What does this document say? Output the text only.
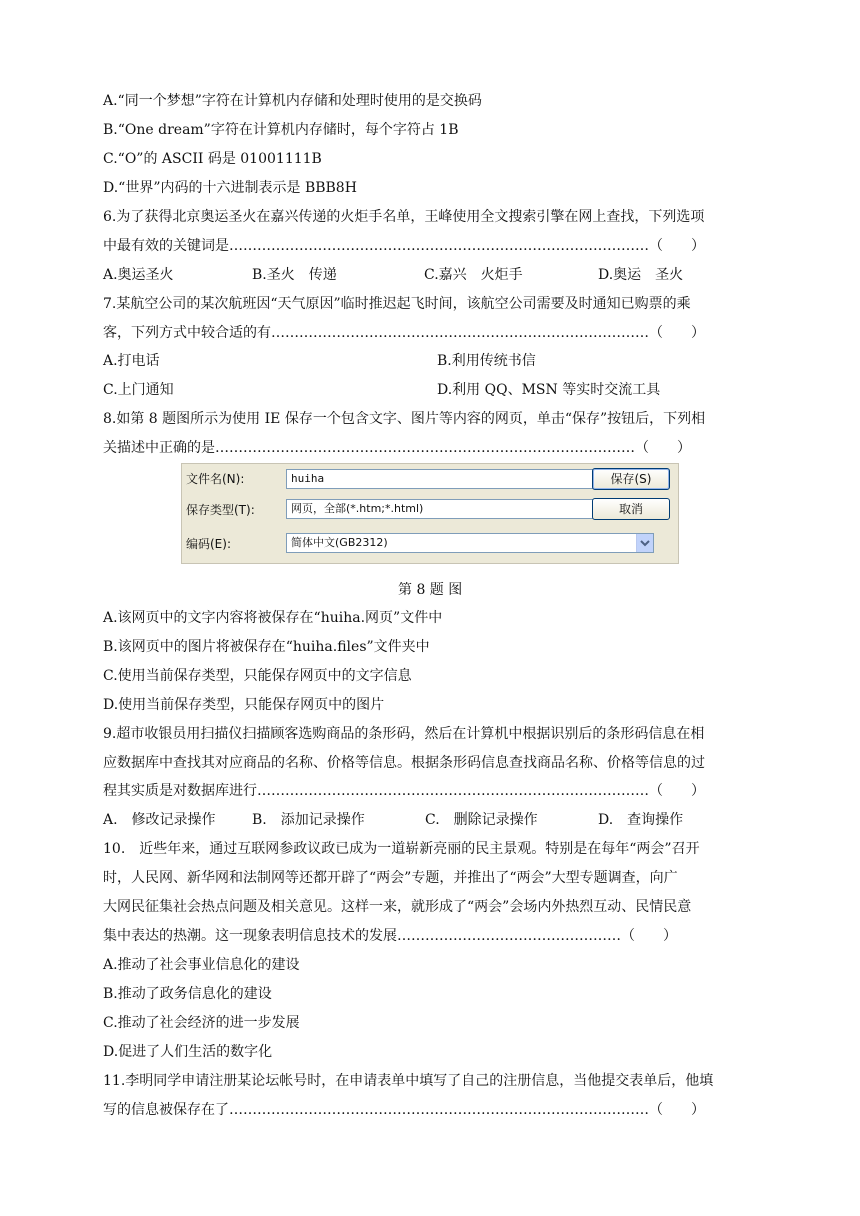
A.“同一个梦想”字符在计算机内存储和处理时使用的是交换码
B.“One dream”字符在计算机内存储时，每个字符占 1B
C.“O”的 ASCII 码是 01001111B
D.“世界”内码的十六进制表示是 BBB8H
6.为了获得北京奥运圣火在嘉兴传递的火炬手名单，王峰使用全文搜索引擎在网上查找，下列选项
中最有效的关键词是………………………………………………………………………………（　　）
A.奥运圣火	B.圣火　传递	C.嘉兴　火炬手	D.奥运　圣火
7.某航空公司的某次航班因“天气原因”临时推迟起飞时间，该航空公司需要及时通知已购票的乘
客，下列方式中较合适的有………………………………………………………………………（　　）
A.打电话	B.利用传统书信
C.上门通知	D.利用 QQ、MSN 等实时交流工具
8.如第 8 题图所示为使用 IE 保存一个包含文字、图片等内容的网页，单击“保存”按钮后，下列相
关描述中正确的是………………………………………………………………………………（　　）
文件名(N):	huiha
保存类型(T):	网页，全部(*.htm;*.html)
编码(E):	简体中文(GB2312)
保存(S)
取消
第 8 题 图
A.该网页中的文字内容将被保存在“huiha.网页”文件中
B.该网页中的图片将被保存在“huiha.files”文件夹中
C.使用当前保存类型，只能保存网页中的文字信息
D.使用当前保存类型，只能保存网页中的图片
9.超市收银员用扫描仪扫描顾客选购商品的条形码，然后在计算机中根据识别后的条形码信息在相
应数据库中查找其对应商品的名称、价格等信息。根据条形码信息查找商品名称、价格等信息的过
程其实质是对数据库进行…………………………………………………………………………（　　）
A.　修改记录操作	B.　添加记录操作	C.　删除记录操作	D.　查询操作
10.　近些年来，通过互联网参政议政已成为一道崭新亮丽的民主景观。特别是在每年“两会”召开
时，人民网、新华网和法制网等还都开辟了“两会”专题，并推出了“两会”大型专题调查，向广
大网民征集社会热点问题及相关意见。这样一来，就形成了“两会”会场内外热烈互动、民情民意
集中表达的热潮。这一现象表明信息技术的发展…………………………………………（　　）
A.推动了社会事业信息化的建设
B.推动了政务信息化的建设
C.推动了社会经济的进一步发展
D.促进了人们生活的数字化
11.李明同学申请注册某论坛帐号时，在申请表单中填写了自己的注册信息，当他提交表单后，他填
写的信息被保存在了………………………………………………………………………………（　　）
